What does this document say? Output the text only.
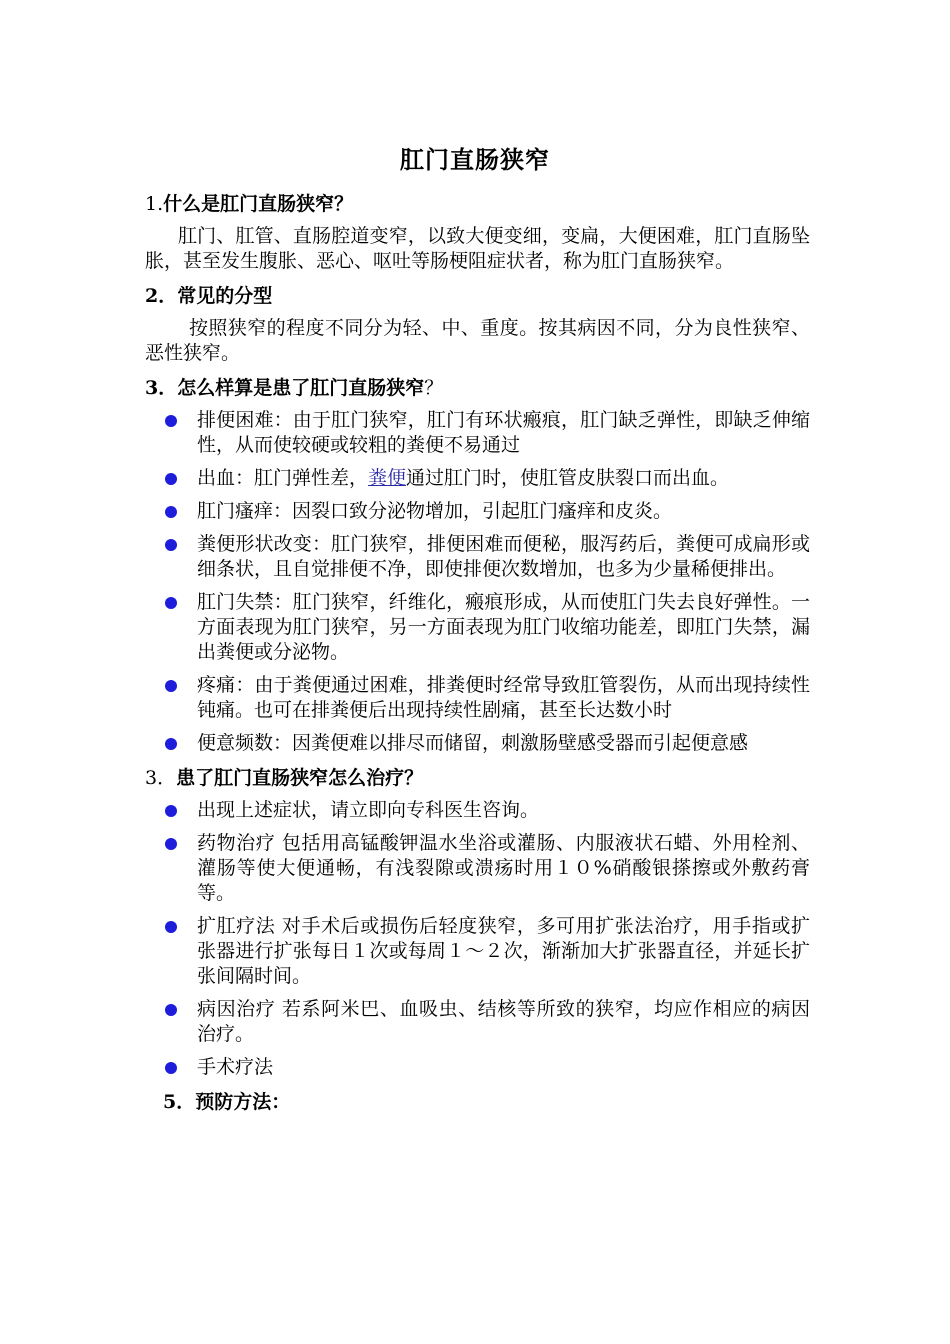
肛门直肠狭窄
1.什么是肛门直肠狭窄？
肛门、肛管、直肠腔道变窄，以致大便变细，变扁，大便困难，肛门直肠坠胀，甚至发生腹胀、恶心、呕吐等肠梗阻症状者，称为肛门直肠狭窄。
2．常见的分型
按照狭窄的程度不同分为轻、中、重度。按其病因不同，分为良性狭窄、恶性狭窄。
3．怎么样算是患了肛门直肠狭窄？
排便困难：由于肛门狭窄，肛门有环状瘢痕，肛门缺乏弹性，即缺乏伸缩性，从而使较硬或较粗的粪便不易通过
出血：肛门弹性差，粪便通过肛门时，使肛管皮肤裂口而出血。
肛门瘙痒：因裂口致分泌物增加，引起肛门瘙痒和皮炎。
粪便形状改变：肛门狭窄，排便困难而便秘，服泻药后，粪便可成扁形或细条状，且自觉排便不净，即使排便次数增加，也多为少量稀便排出。
肛门失禁：肛门狭窄，纤维化，瘢痕形成，从而使肛门失去良好弹性。一方面表现为肛门狭窄，另一方面表现为肛门收缩功能差，即肛门失禁，漏出粪便或分泌物。
疼痛：由于粪便通过困难，排粪便时经常导致肛管裂伤，从而出现持续性钝痛。也可在排粪便后出现持续性剧痛，甚至长达数小时
便意频数：因粪便难以排尽而储留，刺激肠壁感受器而引起便意感
3．患了肛门直肠狭窄怎么治疗？
出现上述症状，请立即向专科医生咨询。
药物治疗 包括用高锰酸钾温水坐浴或灌肠、内服液状石蜡、外用栓剂、灌肠等使大便通畅，有浅裂隙或溃疡时用１０%硝酸银搽擦或外敷药膏等。
扩肛疗法 对手术后或损伤后轻度狭窄，多可用扩张法治疗，用手指或扩张器进行扩张每日１次或每周１～２次，渐渐加大扩张器直径，并延长扩张间隔时间。
病因治疗 若系阿米巴、血吸虫、结核等所致的狭窄，均应作相应的病因治疗。
手术疗法
5．预防方法：
